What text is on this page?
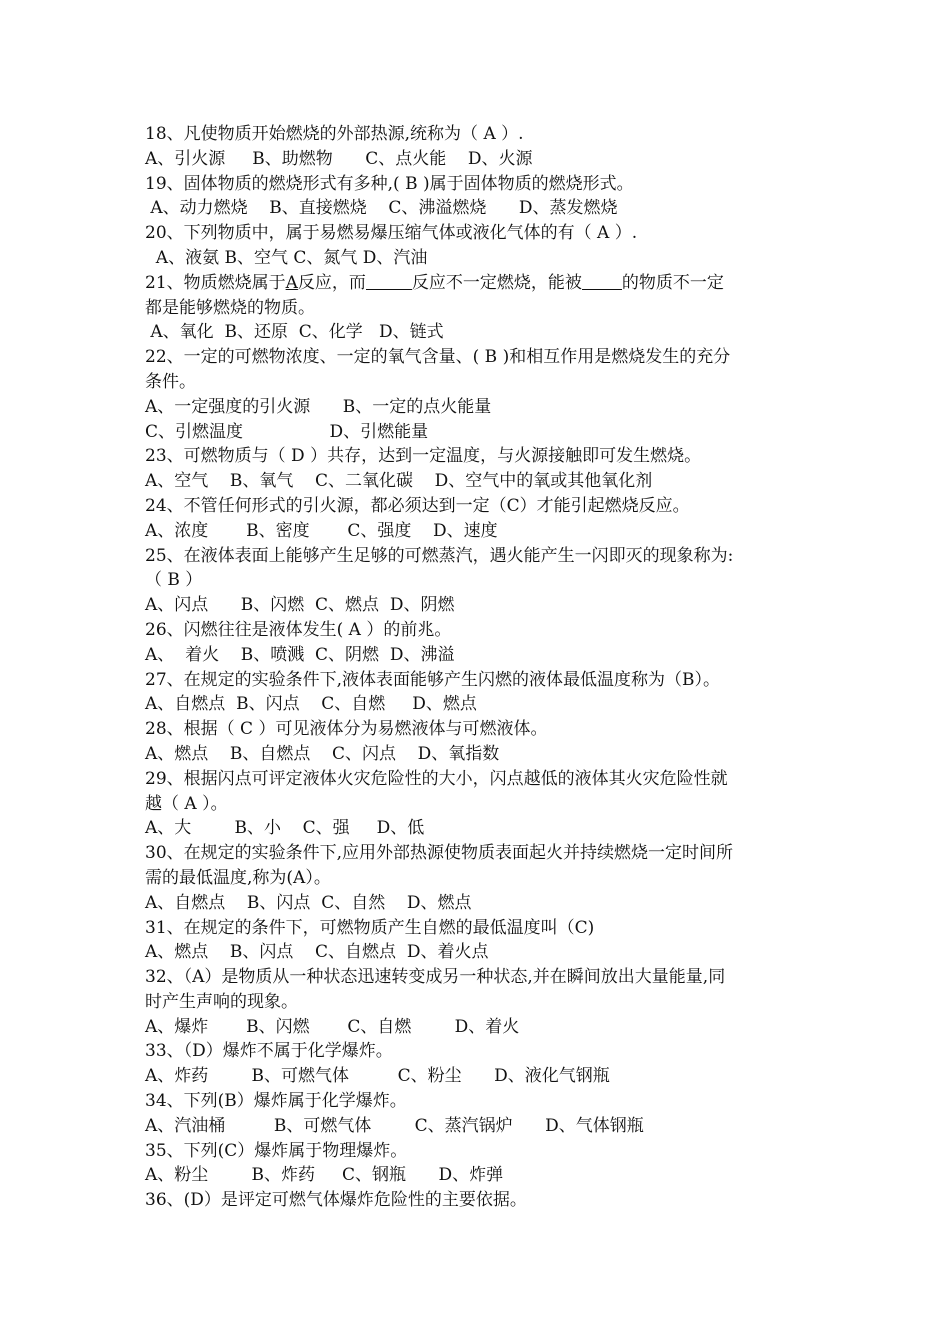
18、凡使物质开始燃烧的外部热源,统称为（ A ）.
A、引火源     B、助燃物      C、点火能    D、火源
19、固体物质的燃烧形式有多种,( B )属于固体物质的燃烧形式。
A、动力燃烧    B、直接燃烧    C、沸溢燃烧      D、蒸发燃烧
20、下列物质中，属于易燃易爆压缩气体或液化气体的有（ A ）.
A、液氨 B、空气 C、氮气 D、汽油
21、物质燃烧属于A反应，而	反应不一定燃烧，能被 的物质不一定
都是能够燃烧的物质。
A、氧化  B、还原  C、化学   D、链式
22、一定的可燃物浓度、一定的氧气含量、( B )和相互作用是燃烧发生的充分
条件。
A、一定强度的引火源      B、一定的点火能量
C、引燃温度                D、引燃能量
23、可燃物质与（ D ）共存，达到一定温度，与火源接触即可发生燃烧。
A、空气    B、氧气    C、二氧化碳    D、空气中的氧或其他氧化剂
24、不管任何形式的引火源，都必须达到一定（C）才能引起燃烧反应。
A、浓度       B、密度       C、强度    D、速度
25、在液体表面上能够产生足够的可燃蒸汽，遇火能产生一闪即灭的现象称为:
（ B ）
A、闪点      B、闪燃  C、燃点  D、阴燃
26、闪燃往往是液体发生( A ）的前兆。
A、  着火    B、喷溅  C、阴燃  D、沸溢
27、在规定的实验条件下,液体表面能够产生闪燃的液体最低温度称为（B）。
A、自燃点  B、闪点    C、自燃     D、燃点
28、根据（ C ）可见液体分为易燃液体与可燃液体。
A、燃点    B、自燃点    C、闪点    D、氧指数
29、根据闪点可评定液体火灾危险性的大小，闪点越低的液体其火灾危险性就
越（ A ）。
A、大        B、小    C、强     D、低
30、在规定的实验条件下,应用外部热源使物质表面起火并持续燃烧一定时间所
需的最低温度,称为(A）。
A、自燃点    B、闪点  C、自然    D、燃点
31、在规定的条件下，可燃物质产生自燃的最低温度叫（C)
A、燃点    B、闪点    C、自燃点  D、着火点
32、（A）是物质从一种状态迅速转变成另一种状态,并在瞬间放出大量能量,同
时产生声响的现象。
A、爆炸       B、闪燃       C、自燃        D、着火
33、（D）爆炸不属于化学爆炸。
A、炸药        B、可燃气体         C、粉尘      D、液化气钢瓶
34、下列(B）爆炸属于化学爆炸。
A、汽油桶         B、可燃气体        C、蒸汽锅炉      D、气体钢瓶
35、下列(C）爆炸属于物理爆炸。
A、粉尘        B、炸药     C、钢瓶      D、炸弹
36、(D）是评定可燃气体爆炸危险性的主要依据。
